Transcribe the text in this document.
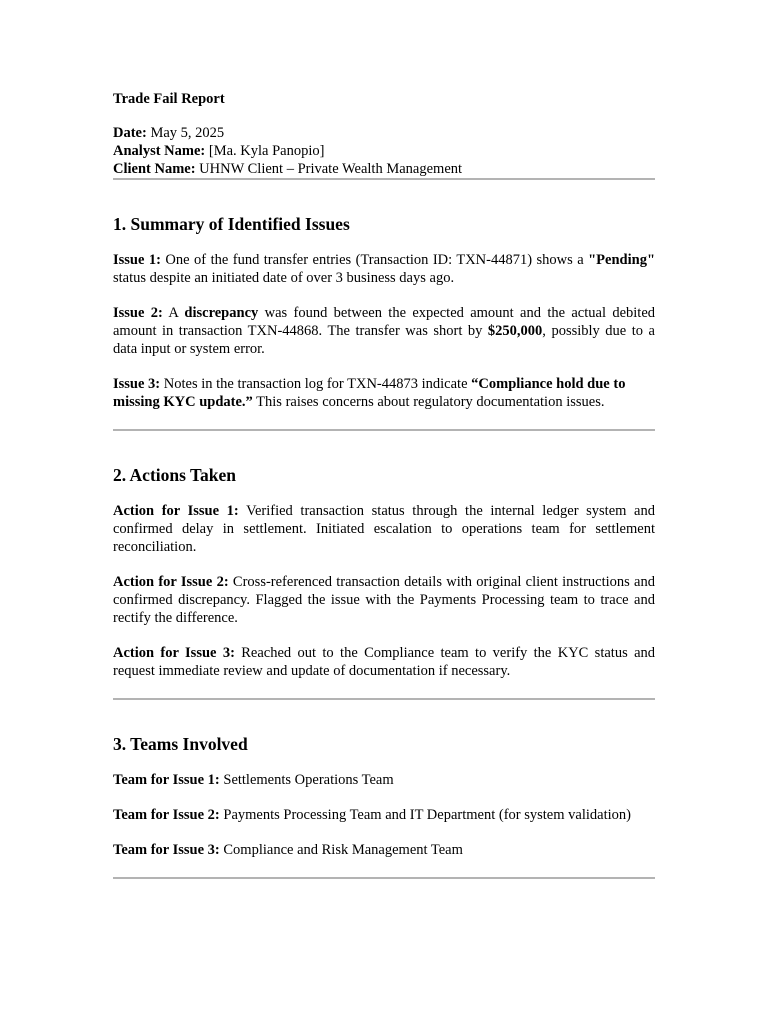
Trade Fail Report
Date: May 5, 2025
Analyst Name: [Ma. Kyla Panopio]
Client Name: UHNW Client – Private Wealth Management
1. Summary of Identified Issues

Issue 1: One of the fund transfer entries (Transaction ID: TXN-44871) shows a "Pending" status despite an initiated date of over 3 business days ago.

Issue 2: A discrepancy was found between the expected amount and the actual debited amount in transaction TXN-44868. The transfer was short by $250,000, possibly due to a data input or system error.

Issue 3: Notes in the transaction log for TXN-44873 indicate “Compliance hold due to missing KYC update.” This raises concerns about regulatory documentation issues.

2. Actions Taken

Action for Issue 1: Verified transaction status through the internal ledger system and confirmed delay in settlement. Initiated escalation to operations team for settlement reconciliation.

Action for Issue 2: Cross-referenced transaction details with original client instructions and confirmed discrepancy. Flagged the issue with the Payments Processing team to trace and rectify the difference.

Action for Issue 3: Reached out to the Compliance team to verify the KYC status and request immediate review and update of documentation if necessary.

3. Teams Involved

Team for Issue 1: Settlements Operations Team

Team for Issue 2: Payments Processing Team and IT Department (for system validation)

Team for Issue 3: Compliance and Risk Management Team
